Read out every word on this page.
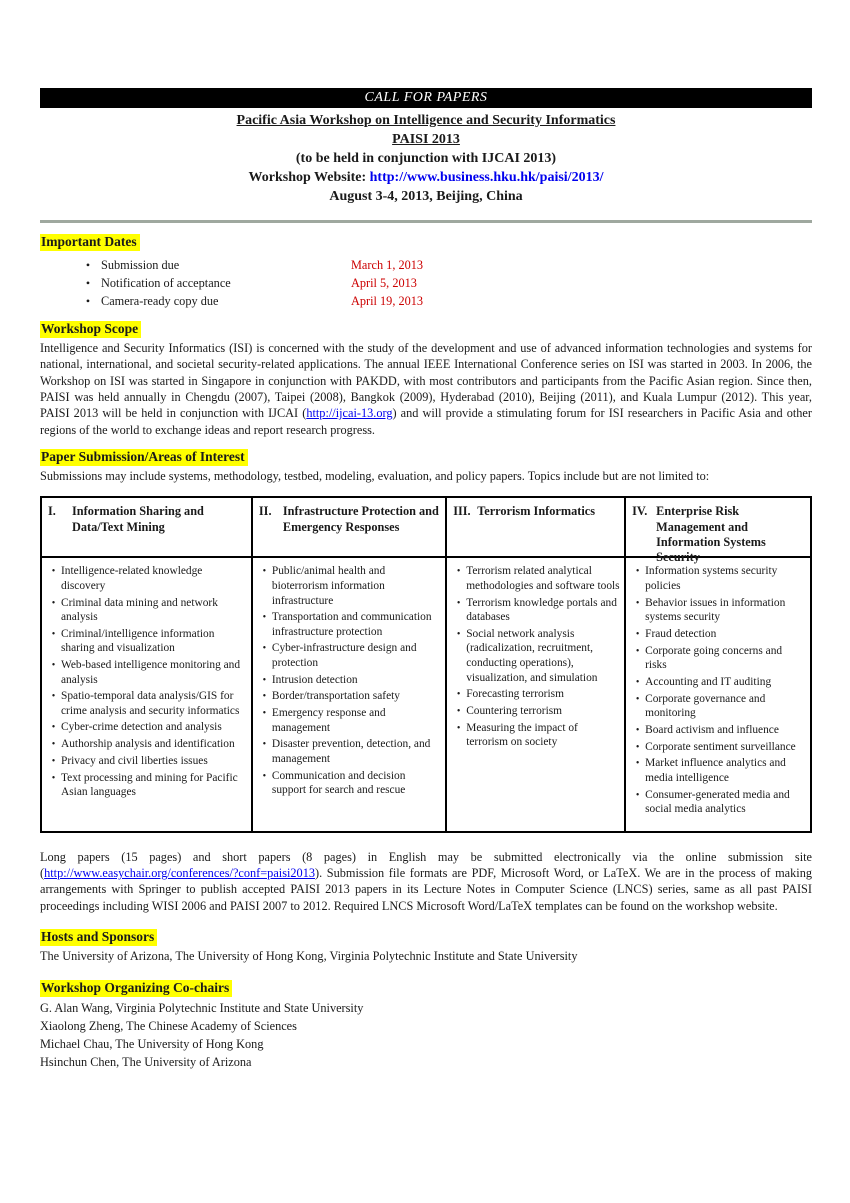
CALL FOR PAPERS
Pacific Asia Workshop on Intelligence and Security Informatics
PAISI 2013
(to be held in conjunction with IJCAI 2013)
Workshop Website: http://www.business.hku.hk/paisi/2013/
August 3-4, 2013, Beijing, China
Important Dates
•
Submission due	March 1, 2013
•
Notification of acceptance	April 5, 2013
•
Camera-ready copy due	April 19, 2013
Workshop Scope

Intelligence and Security Informatics (ISI) is concerned with the study of the development and use of advanced information technologies and systems for national, international, and societal security-related applications. The annual IEEE International Conference series on ISI was started in 2003. In 2006, the Workshop on ISI was started in Singapore in conjunction with PAKDD, with most contributors and participants from the Pacific Asian region. Since then, PAISI was held annually in Chengdu (2007), Taipei (2008), Bangkok (2009), Hyderabad (2010), Beijing (2011), and Kuala Lumpur (2012). This year, PAISI 2013 will be held in conjunction with IJCAI (http://ijcai-13.org) and will provide a stimulating forum for ISI researchers in Pacific Asia and other regions of the world to exchange ideas and report research progress.

Paper Submission/Areas of Interest

Submissions may include systems, methodology, testbed, modeling, evaluation, and policy papers. Topics include but are not limited to:

I.	Information Sharing and Data/Text Mining
•
Intelligence-related knowledge discovery
•
Criminal data mining and network analysis
•
Criminal/intelligence information sharing and visualization
•
Web-based intelligence monitoring and analysis
•
Spatio-temporal data analysis/GIS for crime analysis and security informatics
•
Cyber-crime detection and analysis
•
Authorship analysis and identification
•
Privacy and civil liberties issues
•
Text processing and mining for Pacific Asian languages
II. Infrastructure Protection and Emergency Responses
•
Public/animal health and bioterrorism information infrastructure
•
Transportation and communication infrastructure protection
•
Cyber-infrastructure design and protection
•
Intrusion detection
•
Border/transportation safety
•
Emergency response and management
•
Disaster prevention, detection, and management
•
Communication and decision support for search and rescue
III. Terrorism Informatics
•
Terrorism related analytical methodologies and software tools
•
Terrorism knowledge portals and databases
•
Social network analysis (radicalization, recruitment, conducting operations), visualization, and simulation
•
Forecasting terrorism
•
Countering terrorism
•
Measuring the impact of terrorism on society
IV. Enterprise Risk Management and Information Systems Security
•
Information systems security policies
•
Behavior issues in information systems security
•
Fraud detection
•
Corporate going concerns and risks
•
Accounting and IT auditing
•
Corporate governance and monitoring
•
Board activism and influence
•
Corporate sentiment surveillance
•
Market influence analytics and media intelligence
•
Consumer-generated media and social media analytics

Long papers (15 pages) and short papers (8 pages) in English may be submitted electronically via the online submission site (http://www.easychair.org/conferences/?conf=paisi2013). Submission file formats are PDF, Microsoft Word, or LaTeX. We are in the process of making arrangements with Springer to publish accepted PAISI 2013 papers in its Lecture Notes in Computer Science (LNCS) series, same as all past PAISI proceedings including WISI 2006 and PAISI 2007 to 2012. Required LNCS Microsoft Word/LaTeX templates can be found on the workshop website.

Hosts and Sponsors
The University of Arizona, The University of Hong Kong, Virginia Polytechnic Institute and State University
Workshop Organizing Co-chairs
G. Alan Wang, Virginia Polytechnic Institute and State University
Xiaolong Zheng, The Chinese Academy of Sciences
Michael Chau, The University of Hong Kong
Hsinchun Chen, The University of Arizona
